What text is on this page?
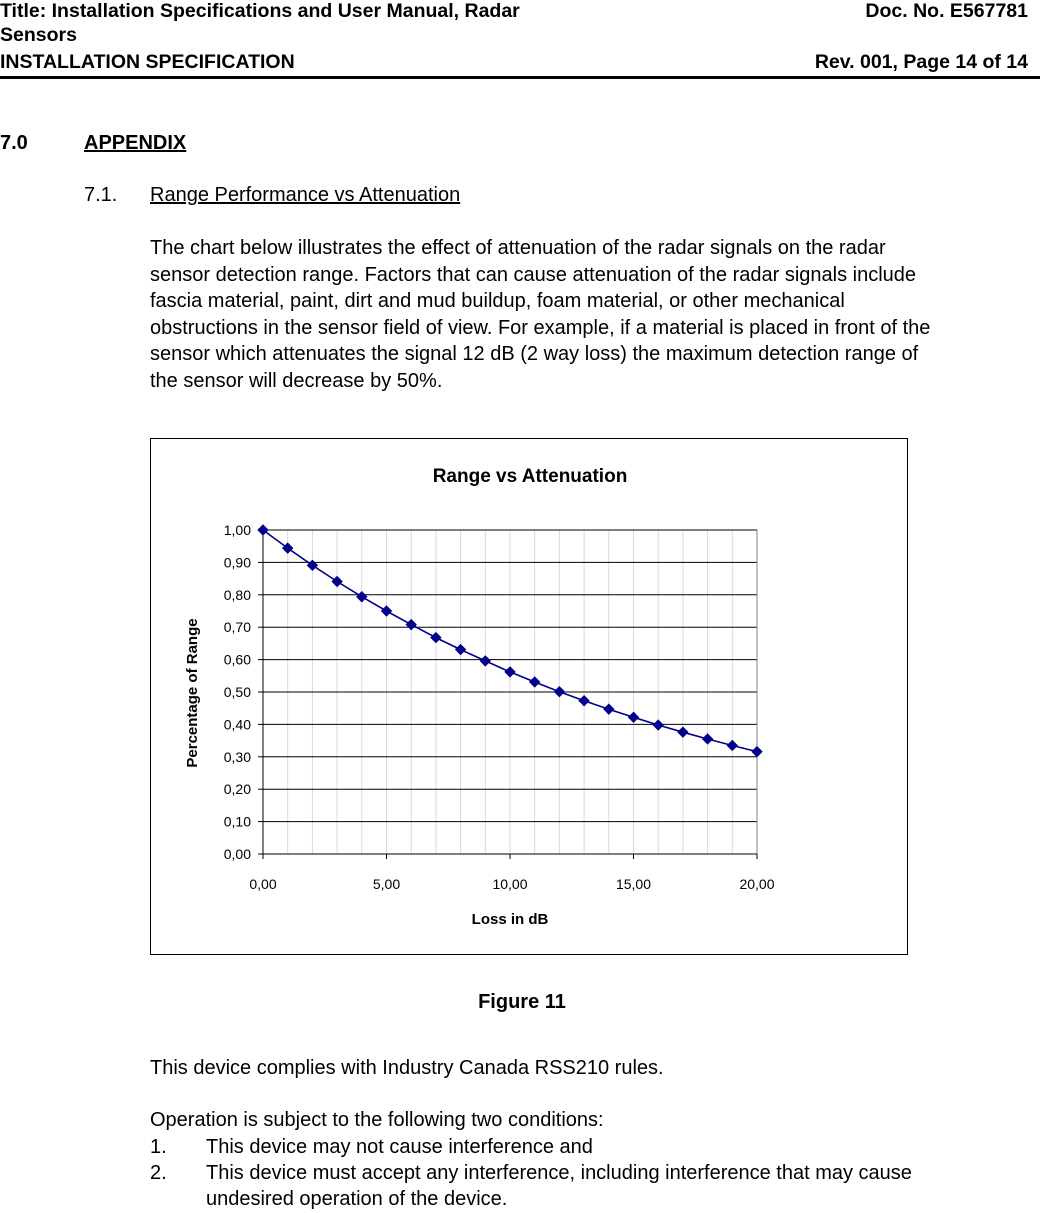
Title: Installation Specifications and User Manual, Radar
Sensors
INSTALLATION SPECIFICATION
Doc. No. E567781
Rev. 001, Page 14 of 14
7.0	APPENDIX
7.1. Range Performance vs Attenuation
The chart below illustrates the effect of attenuation of the radar signals on the radar
sensor detection range. Factors that can cause attenuation of the radar signals include
fascia material, paint, dirt and mud buildup, foam material, or other mechanical
obstructions in the sensor field of view. For example, if a material is placed in front of the
sensor which attenuates the signal 12 dB (2 way loss) the maximum detection range of
the sensor will decrease by 50%.
Range vs Attenuation
Loss in dB
Percentage of Range
0,00
0,10
0,20
0,30
0,40
0,50
0,60
0,70
0,80
0,90
1,00
0,00	5,00	10,00	15,00	20,00
Figure 11
This device complies with Industry Canada RSS210 rules.
Operation is subject to the following two conditions:
1. This device may not cause interference and
2. This device must accept any interference, including interference that may cause
undesired operation of the device.
